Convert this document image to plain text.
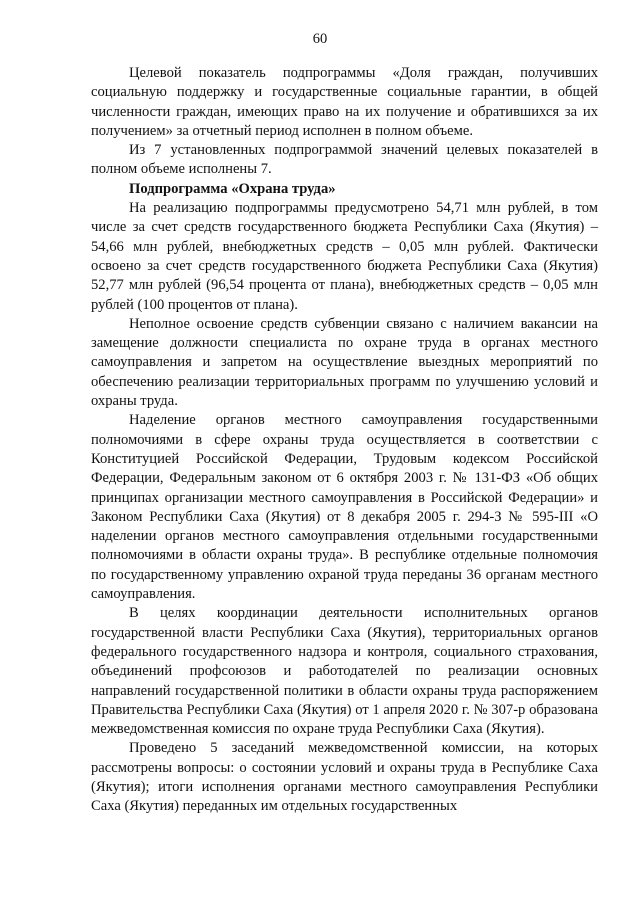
60

Целевой показатель подпрограммы «Доля граждан, получивших социальную поддержку и государственные социальные гарантии, в общей численности граждан, имеющих право на их получение и обратившихся за их получением» за отчетный период исполнен в полном объеме.

Из 7 установленных подпрограммой значений целевых показателей в полном объеме исполнены 7.

Подпрограмма «Охрана труда»

На реализацию подпрограммы предусмотрено 54,71 млн рублей, в том числе за счет средств государственного бюджета Республики Саха (Якутия) – 54,66 млн рублей, внебюджетных средств – 0,05 млн рублей. Фактически освоено за счет средств государственного бюджета Республики Саха (Якутия) 52,77 млн рублей (96,54 процента от плана), внебюджетных средств – 0,05 млн рублей (100 процентов от плана).

Неполное освоение средств субвенции связано с наличием вакансии на замещение должности специалиста по охране труда в органах местного самоуправления и запретом на осуществление выездных мероприятий по обеспечению реализации территориальных программ по улучшению условий и охраны труда.

Наделение органов местного самоуправления государственными полномочиями в сфере охраны труда осуществляется в соответствии с Конституцией Российской Федерации, Трудовым кодексом Российской Федерации, Федеральным законом от 6 октября 2003 г. № 131-ФЗ «Об общих принципах организации местного самоуправления в Российской Федерации» и Законом Республики Саха (Якутия) от 8 декабря 2005 г. 294-З № 595-III «О наделении органов местного самоуправления отдельными государственными полномочиями в области охраны труда». В республике отдельные полномочия по государственному управлению охраной труда переданы 36 органам местного самоуправления.

В целях координации деятельности исполнительных органов государственной власти Республики Саха (Якутия), территориальных органов федерального государственного надзора и контроля, социального страхования, объединений профсоюзов и работодателей по реализации основных направлений государственной политики в области охраны труда распоряжением Правительства Республики Саха (Якутия) от 1 апреля 2020 г. № 307-р образована межведомственная комиссия по охране труда Республики Саха (Якутия).

Проведено 5 заседаний межведомственной комиссии, на которых рассмотрены вопросы: о состоянии условий и охраны труда в Республике Саха (Якутия); итоги исполнения органами местного самоуправления Республики Саха (Якутия) переданных им отдельных государственных
